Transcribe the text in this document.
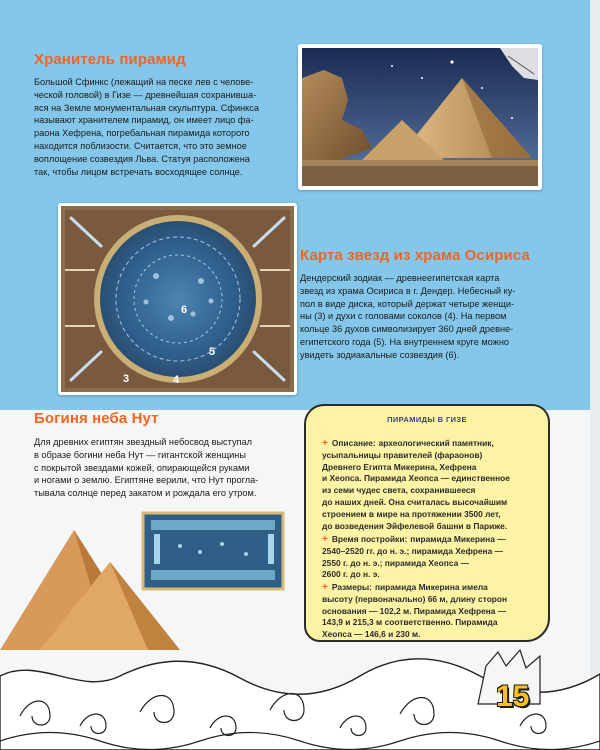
Хранитель пирамид
Большой Сфинкс (лежащий на песке лев с челове-
ческой головой) в Гизе — древнейшая сохранивша-
яся на Земле монументальная скульптура. Сфинкса
называют хранителем пирамид, он имеет лицо фа-
раона Хефрена, погребальная пирамида которого
находится поблизости. Считается, что это земное
воплощение созвездия Льва. Статуя расположена
так, чтобы лицом встречать восходящее солнце.
3	4
5
6
Карта звезд из храма Осириса
Дендерский зодиак — древнеегипетская карта
звезд из храма Осириса в г. Дендер. Небесный ку-
пол в виде диска, который держат четыре женщи-
ны (3) и духи с головами соколов (4). На первом
кольце 36 духов символизирует 360 дней древне-
египетского года (5). На внутреннем круге можно
увидеть зодиакальные созвездия (6).
Богиня неба Нут
Для древних египтян звездный небосвод выступал
в образе богини неба Нут — гигантской женщины
с покрытой звездами кожей, опирающейся руками
и ногами о землю. Египтяне верили, что Нут прогла-
тывала солнце перед закатом и рождала его утром.
ПИРАМИДЫ В ГИЗЕ
+ Описание: археологический памятник,
усыпальницы правителей (фараонов)
Древнего Египта Микерина, Хефрена
и Хеопса. Пирамида Хеопса — единственное
из семи чудес света, сохранившееся
до наших дней. Она считалась высочайшим
строением в мире на протяжении 3500 лет,
до возведения Эйфелевой башни в Париже.
+ Время постройки: пирамида Микерина —
2540–2520 гг. до н. э.; пирамида Хефрена —
2550 г. до н. э.; пирамида Хеопса —
2600 г. до н. э.
+ Размеры: пирамида Микерина имела
высоту (первоначально) 66 м, длину сторон
основания — 102,2 м. Пирамида Хефрена —
143,9 и 215,3 м соответственно. Пирамида
Хеопса — 146,6 и 230 м.
15
